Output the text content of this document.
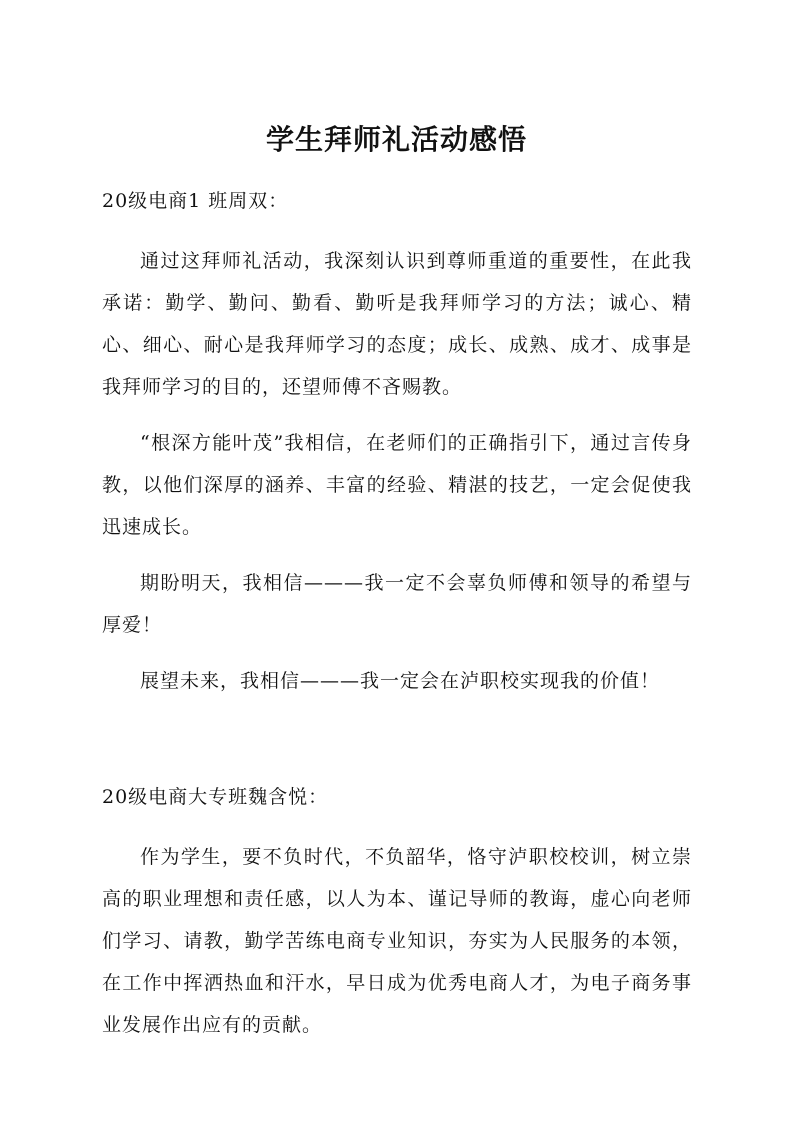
学生拜师礼活动感悟

20级电商1 班周双：

通过这拜师礼活动，我深刻认识到尊师重道的重要性，在此我承诺：勤学、勤问、勤看、勤听是我拜师学习的方法；诚心、精心、细心、耐心是我拜师学习的态度；成长、成熟、成才、成事是我拜师学习的目的，还望师傅不吝赐教。

“根深方能叶茂”我相信，在老师们的正确指引下，通过言传身教，以他们深厚的涵养、丰富的经验、精湛的技艺，一定会促使我迅速成长。

期盼明天，我相信———我一定不会辜负师傅和领导的希望与厚爱！

展望未来，我相信———我一定会在泸职校实现我的价值！

20级电商大专班魏含悦：

作为学生，要不负时代，不负韶华，恪守泸职校校训，树立崇高的职业理想和责任感，以人为本、谨记导师的教诲，虚心向老师们学习、请教，勤学苦练电商专业知识，夯实为人民服务的本领，在工作中挥洒热血和汗水，早日成为优秀电商人才，为电子商务事业发展作出应有的贡献。
